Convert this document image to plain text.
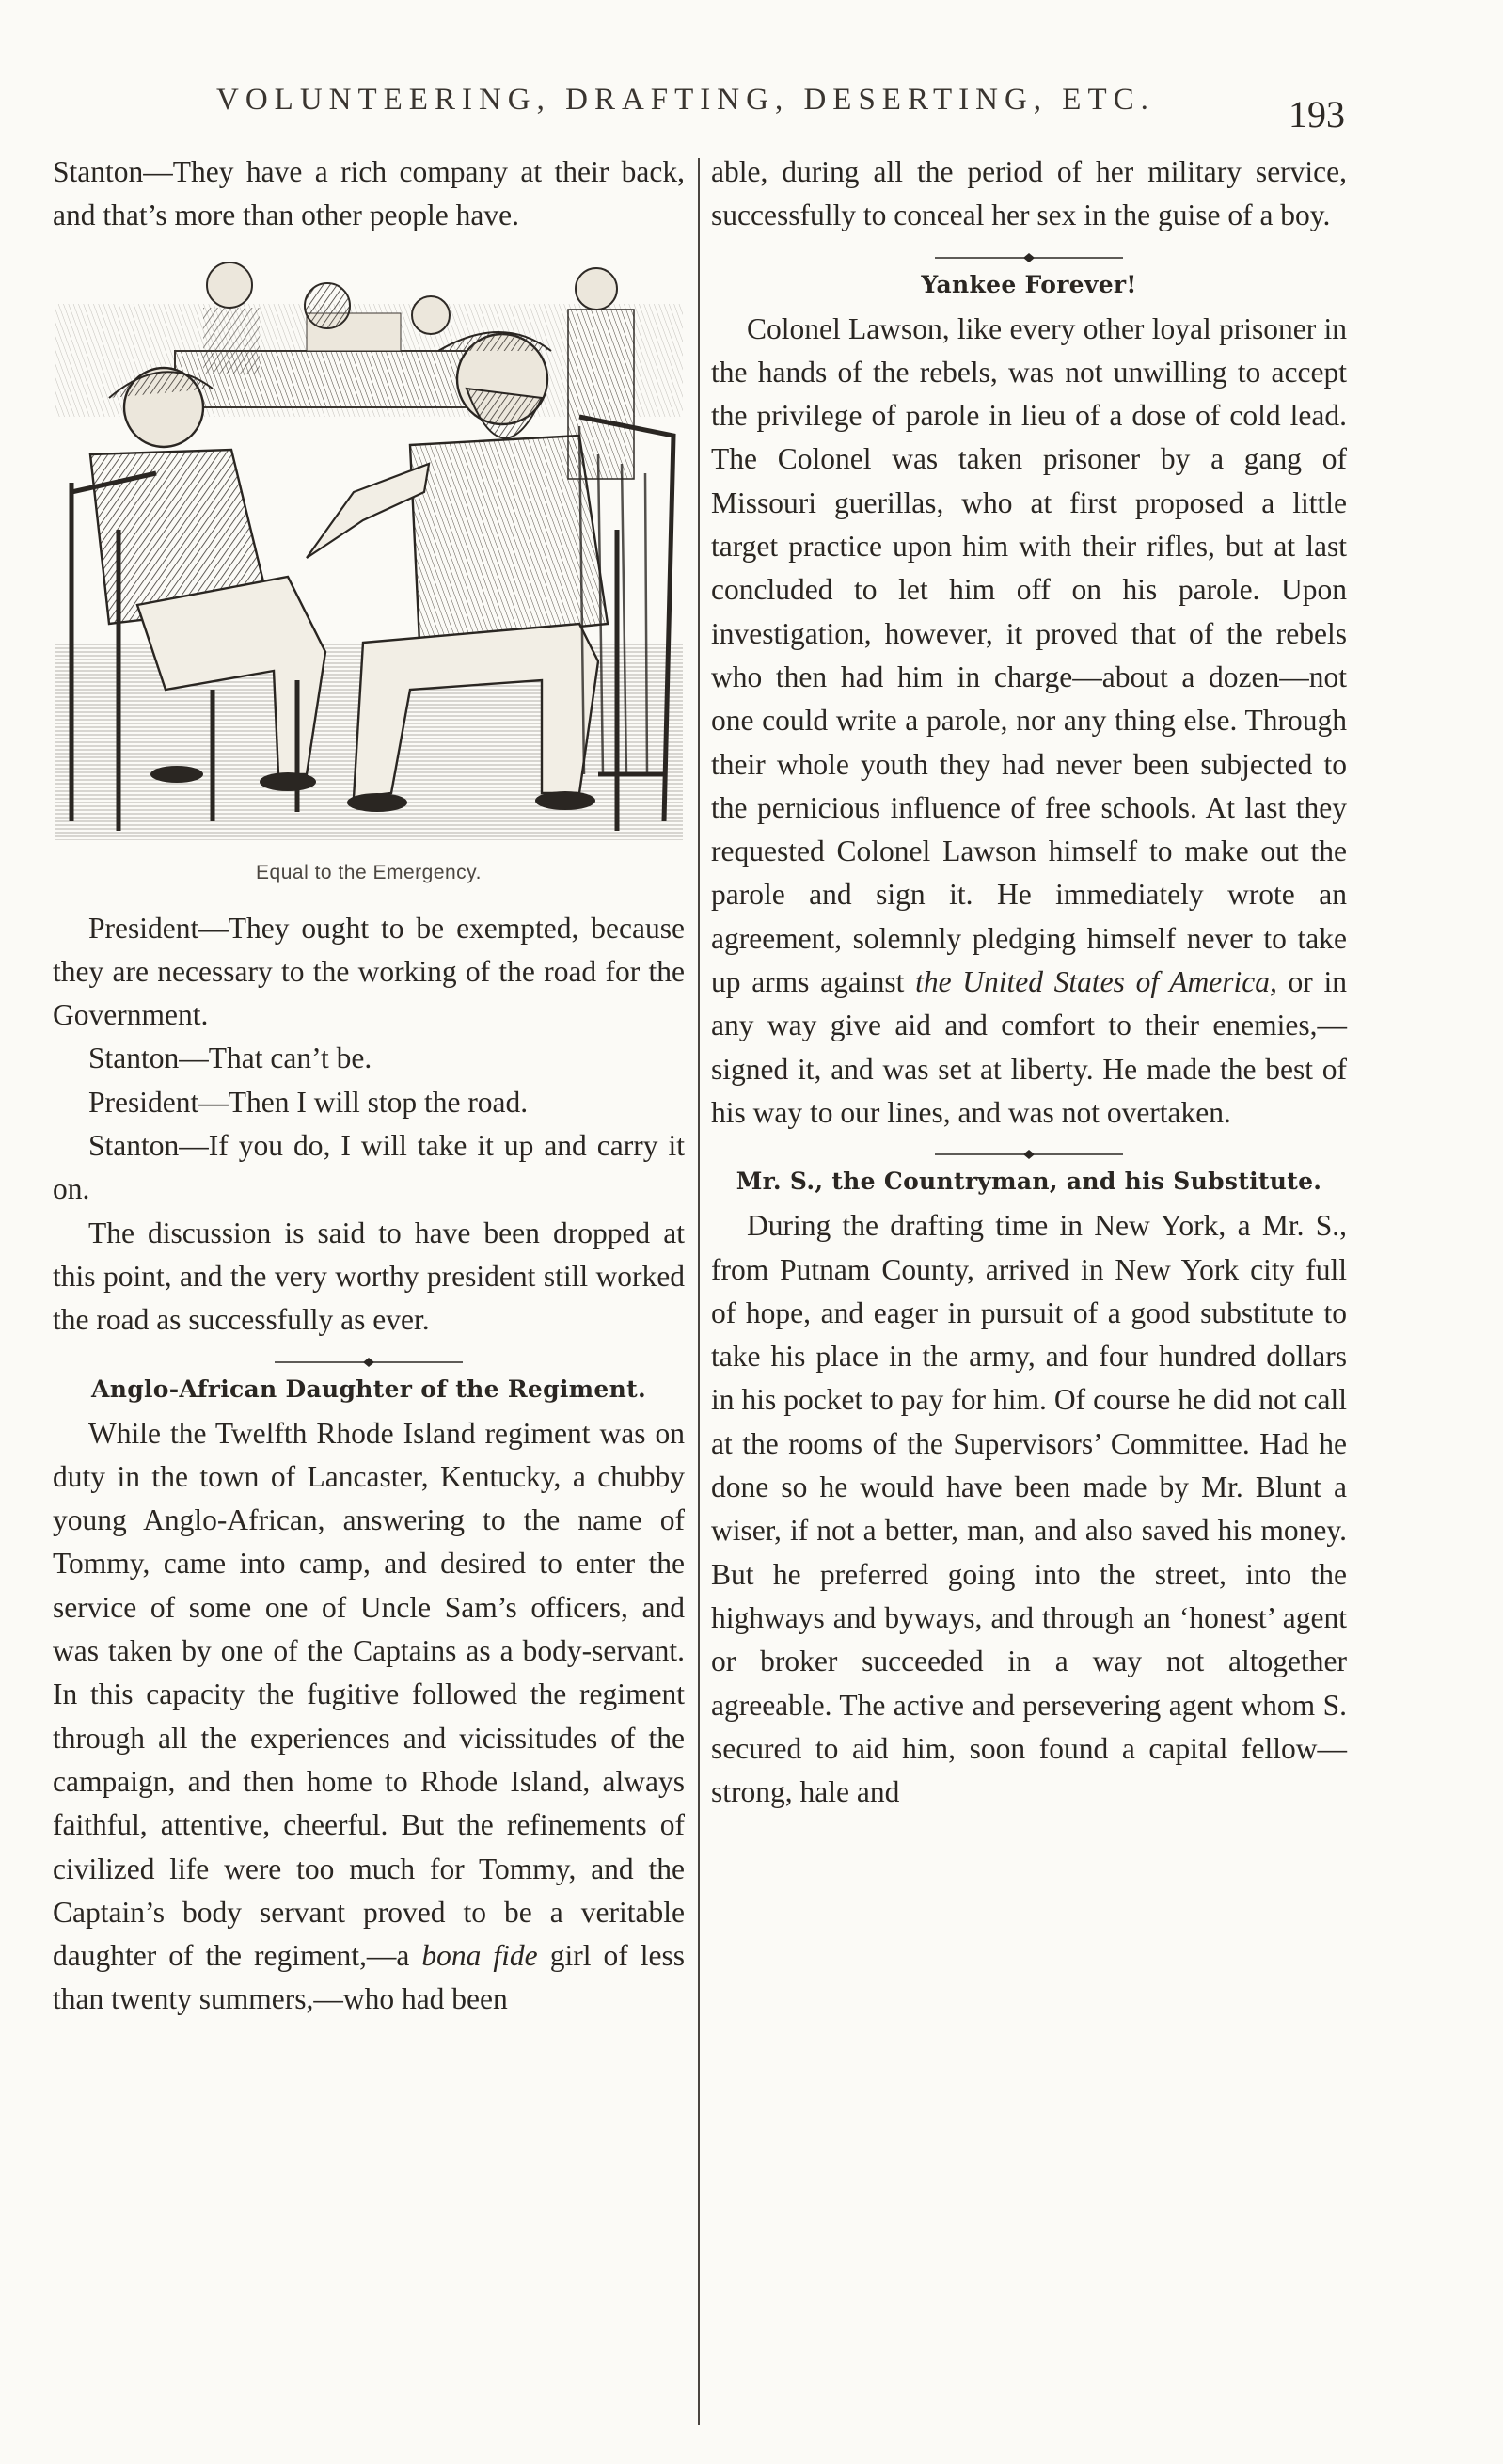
VOLUNTEERING, DRAFTING, DESERTING, ETC.	193

Stanton—They have a rich company at their back, and that’s more than other people have.

Equal to the Emergency.

President—They ought to be exempted, because they are necessary to the working of the road for the Government.

Stanton—That can’t be.

President—Then I will stop the road.

Stanton—If you do, I will take it up and carry it on.

The discussion is said to have been dropped at this point, and the very worthy president still worked the road as successfully as ever.

Anglo-African Daughter of the Regiment.

While the Twelfth Rhode Island regiment was on duty in the town of Lancaster, Kentucky, a chubby young Anglo-African, answering to the name of Tommy, came into camp, and desired to enter the service of some one of Uncle Sam’s officers, and was taken by one of the Captains as a body-servant. In this capacity the fugitive followed the regiment through all the experiences and vicissitudes of the campaign, and then home to Rhode Island, always faithful, attentive, cheerful. But the refinements of civilized life were too much for Tommy, and the Captain’s body servant proved to be a veritable daughter of the regiment,—a bona fide girl of less than twenty summers,—who had been

able, during all the period of her military service, successfully to conceal her sex in the guise of a boy.

Yankee Forever!

Colonel Lawson, like every other loyal prisoner in the hands of the rebels, was not unwilling to accept the privilege of parole in lieu of a dose of cold lead. The Colonel was taken prisoner by a gang of Missouri guerillas, who at first proposed a little target practice upon him with their rifles, but at last concluded to let him off on his parole. Upon investigation, however, it proved that of the rebels who then had him in charge—about a dozen—not one could write a parole, nor any thing else. Through their whole youth they had never been subjected to the pernicious influence of free schools. At last they requested Colonel Lawson himself to make out the parole and sign it. He immediately wrote an agreement, solemnly pledging himself never to take up arms against the United States of America, or in any way give aid and comfort to their enemies,—signed it, and was set at liberty. He made the best of his way to our lines, and was not overtaken.

Mr. S., the Countryman, and his Substitute.

During the drafting time in New York, a Mr. S., from Putnam County, arrived in New York city full of hope, and eager in pursuit of a good substitute to take his place in the army, and four hundred dollars in his pocket to pay for him. Of course he did not call at the rooms of the Supervisors’ Committee. Had he done so he would have been made by Mr. Blunt a wiser, if not a better, man, and also saved his money. But he preferred going into the street, into the highways and byways, and through an ‘honest’ agent or broker succeeded in a way not altogether agreeable. The active and persevering agent whom S. secured to aid him, soon found a capital fellow—strong, hale and
